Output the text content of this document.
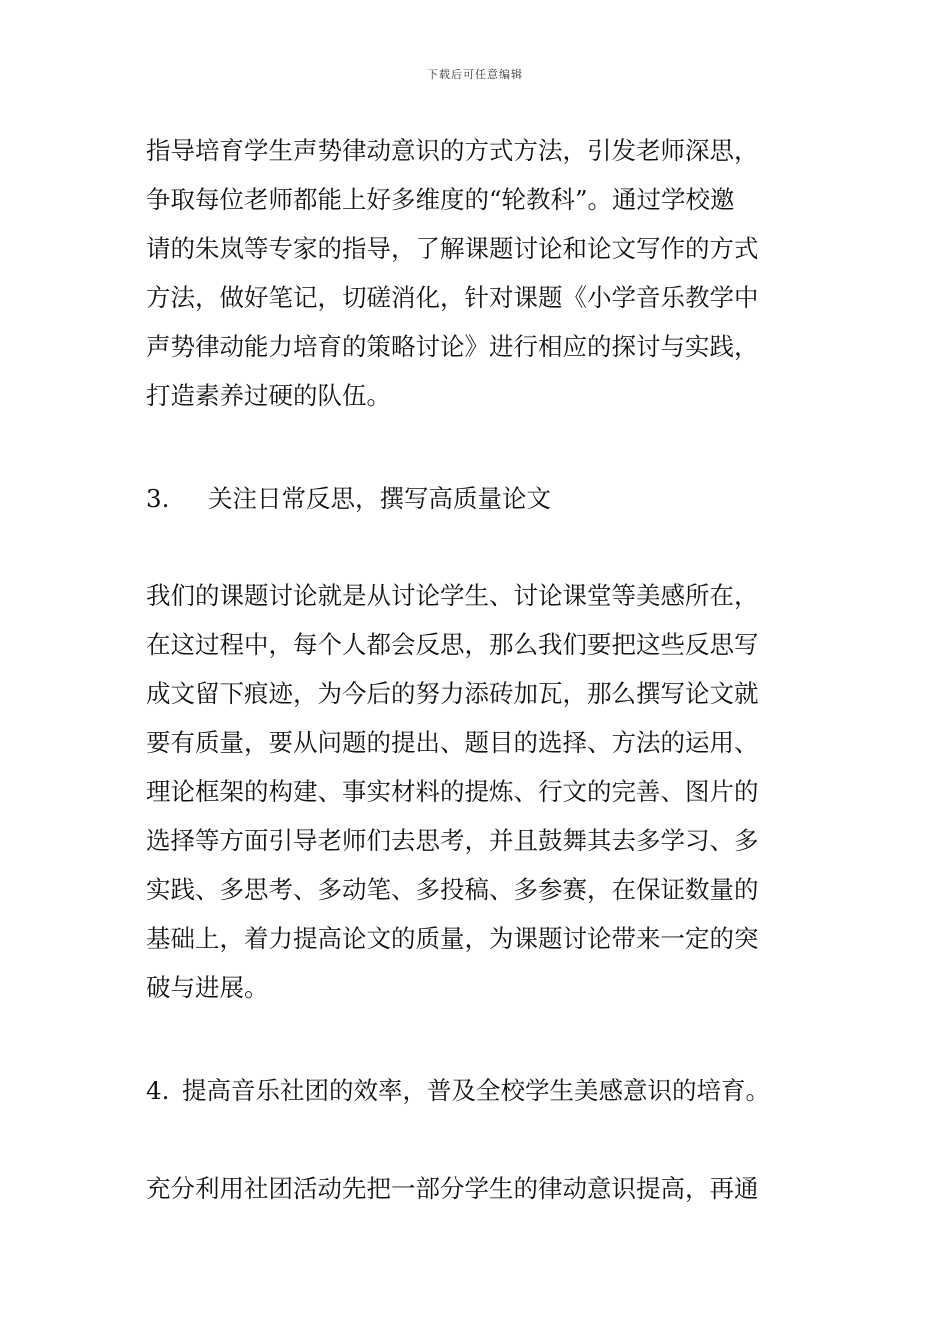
下载后可任意编辑
指导培育学生声势律动意识的方式方法，引发老师深思，
争取每位老师都能上好多维度的“轮教科”。通过学校邀
请的朱岚等专家的指导，了解课题讨论和论文写作的方式
方法，做好笔记，切磋消化，针对课题《小学音乐教学中
声势律动能力培育的策略讨论》进行相应的探讨与实践，
打造素养过硬的队伍。
3. 关注日常反思，撰写高质量论文
我们的课题讨论就是从讨论学生、讨论课堂等美感所在，
在这过程中，每个人都会反思，那么我们要把这些反思写
成文留下痕迹，为今后的努力添砖加瓦，那么撰写论文就
要有质量，要从问题的提出、题目的选择、方法的运用、
理论框架的构建、事实材料的提炼、行文的完善、图片的
选择等方面引导老师们去思考，并且鼓舞其去多学习、多
实践、多思考、多动笔、多投稿、多参赛，在保证数量的
基础上，着力提高论文的质量，为课题讨论带来一定的突
破与进展。
4. 提高音乐社团的效率，普及全校学生美感意识的培育。
充分利用社团活动先把一部分学生的律动意识提高，再通
